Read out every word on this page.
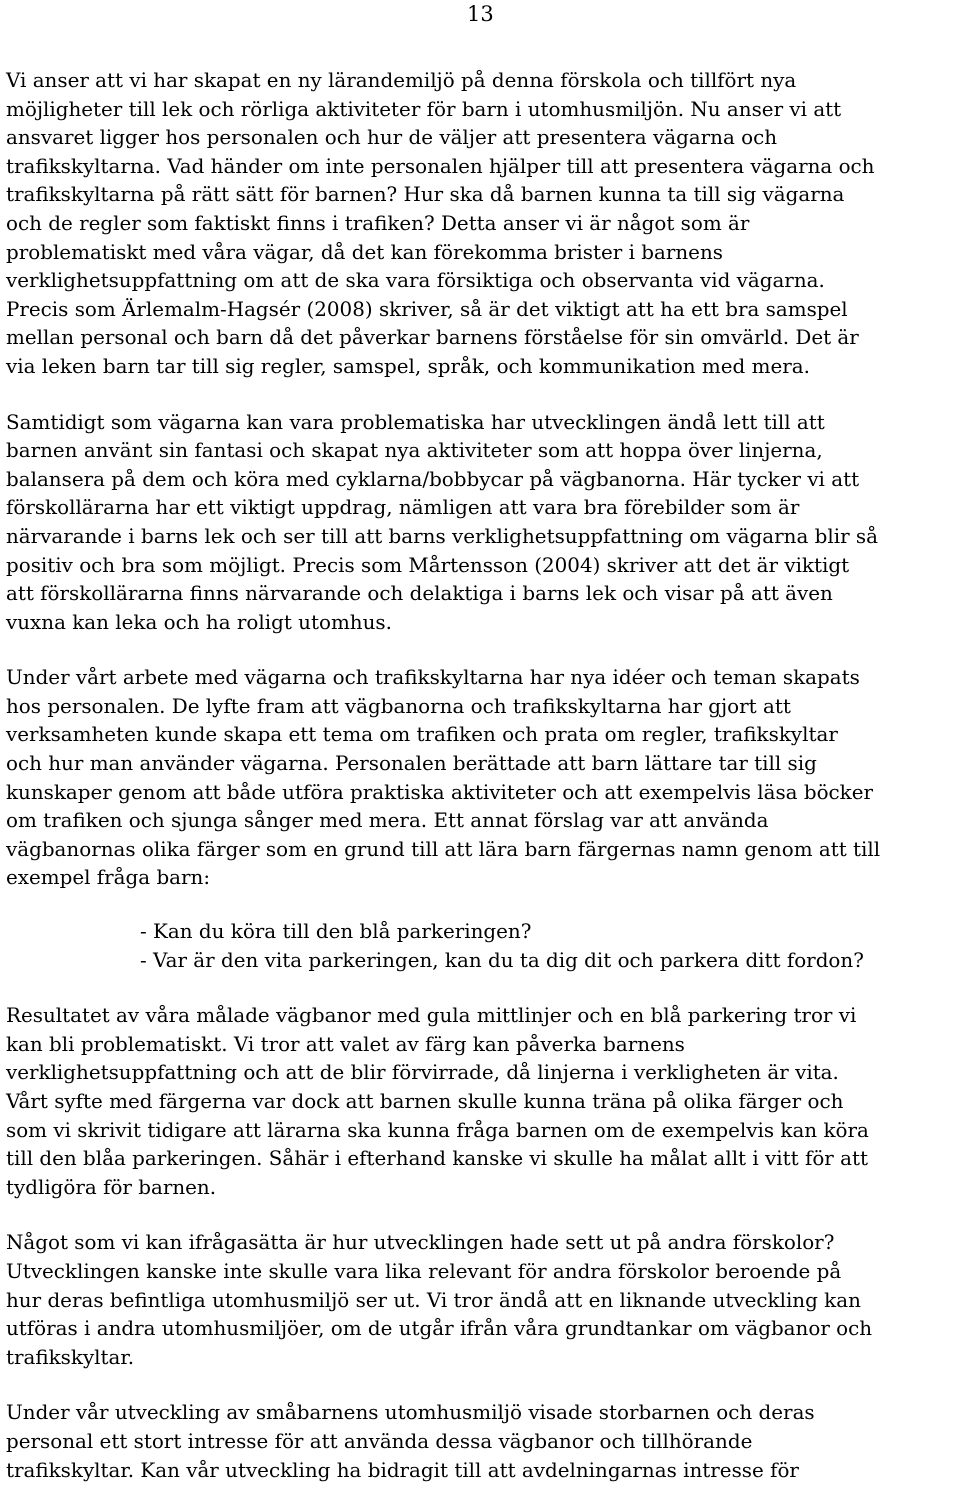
13

Vi anser att vi har skapat en ny lärandemiljö på denna förskola och tillfört nya
möjligheter till lek och rörliga aktiviteter för barn i utomhusmiljön. Nu anser vi att
ansvaret ligger hos personalen och hur de väljer att presentera vägarna och
trafikskyltarna. Vad händer om inte personalen hjälper till att presentera vägarna och
trafikskyltarna på rätt sätt för barnen? Hur ska då barnen kunna ta till sig vägarna
och de regler som faktiskt finns i trafiken? Detta anser vi är något som är
problematiskt med våra vägar, då det kan förekomma brister i barnens
verklighetsuppfattning om att de ska vara försiktiga och observanta vid vägarna.
Precis som Ärlemalm-Hagsér (2008) skriver, så är det viktigt att ha ett bra samspel
mellan personal och barn då det påverkar barnens förståelse för sin omvärld. Det är
via leken barn tar till sig regler, samspel, språk, och kommunikation med mera.

Samtidigt som vägarna kan vara problematiska har utvecklingen ändå lett till att
barnen använt sin fantasi och skapat nya aktiviteter som att hoppa över linjerna,
balansera på dem och köra med cyklarna/bobbycar på vägbanorna. Här tycker vi att
förskollärarna har ett viktigt uppdrag, nämligen att vara bra förebilder som är
närvarande i barns lek och ser till att barns verklighetsuppfattning om vägarna blir så
positiv och bra som möjligt. Precis som Mårtensson (2004) skriver att det är viktigt
att förskollärarna finns närvarande och delaktiga i barns lek och visar på att även
vuxna kan leka och ha roligt utomhus.

Under vårt arbete med vägarna och trafikskyltarna har nya idéer och teman skapats
hos personalen. De lyfte fram att vägbanorna och trafikskyltarna har gjort att
verksamheten kunde skapa ett tema om trafiken och prata om regler, trafikskyltar
och hur man använder vägarna. Personalen berättade att barn lättare tar till sig
kunskaper genom att både utföra praktiska aktiviteter och att exempelvis läsa böcker
om trafiken och sjunga sånger med mera. Ett annat förslag var att använda
vägbanornas olika färger som en grund till att lära barn färgernas namn genom att till
exempel fråga barn:

- Kan du köra till den blå parkeringen?
- Var är den vita parkeringen, kan du ta dig dit och parkera ditt fordon?

Resultatet av våra målade vägbanor med gula mittlinjer och en blå parkering tror vi
kan bli problematiskt. Vi tror att valet av färg kan påverka barnens
verklighetsuppfattning och att de blir förvirrade, då linjerna i verkligheten är vita.
Vårt syfte med färgerna var dock att barnen skulle kunna träna på olika färger och
som vi skrivit tidigare att lärarna ska kunna fråga barnen om de exempelvis kan köra
till den blåa parkeringen. Såhär i efterhand kanske vi skulle ha målat allt i vitt för att
tydligöra för barnen.

Något som vi kan ifrågasätta är hur utvecklingen hade sett ut på andra förskolor?
Utvecklingen kanske inte skulle vara lika relevant för andra förskolor beroende på
hur deras befintliga utomhusmiljö ser ut. Vi tror ändå att en liknande utveckling kan
utföras i andra utomhusmiljöer, om de utgår ifrån våra grundtankar om vägbanor och
trafikskyltar.

Under vår utveckling av småbarnens utomhusmiljö visade storbarnen och deras
personal ett stort intresse för att använda dessa vägbanor och tillhörande
trafikskyltar. Kan vår utveckling ha bidragit till att avdelningarnas intresse för
